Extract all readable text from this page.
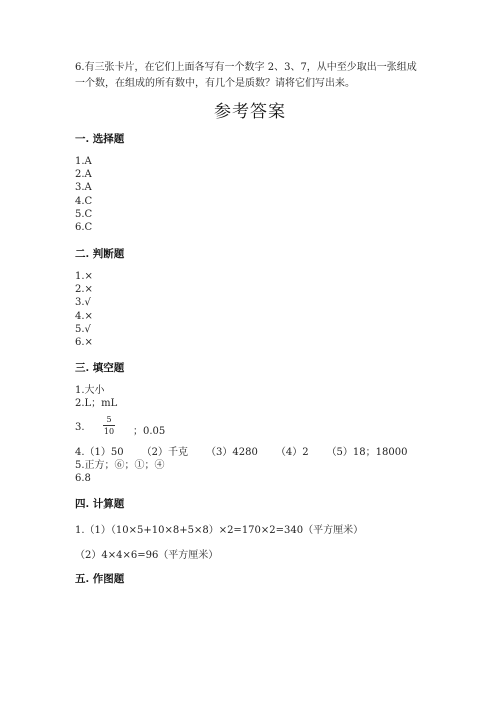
6.有三张卡片，在它们上面各写有一个数字 2、3、7，从中至少取出一张组成
一个数，在组成的所有数中，有几个是质数？请将它们写出来。
参考答案
一. 选择题
1.A
2.A
3.A
4.C
5.C
6.C
二. 判断题
1.×
2.×
3.√
4.×
5.√
6.×
三. 填空题
1.大小
2.L；mL
3.
5
10 ；0.05
4.（1）50 （2）千克 （3）4280 （4）2 （5）18；18000
5.正方；⑥；①；④
6.8
四. 计算题
1.（1）（10×5+10×8+5×8）×2=170×2=340（平方厘米）
（2）4×4×6=96（平方厘米）
五. 作图题
